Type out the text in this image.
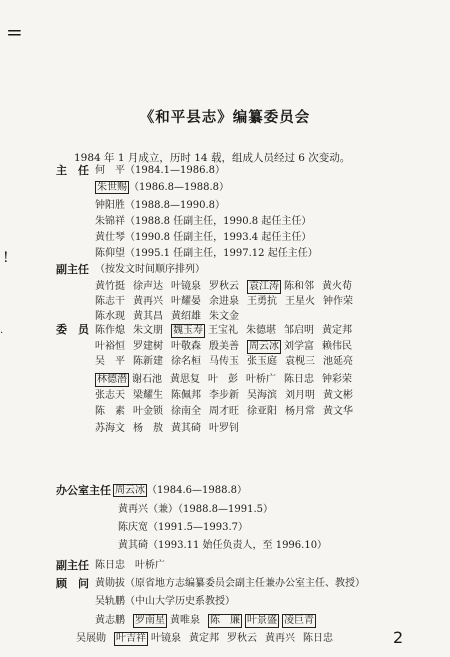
=
!
.
《和平县志》编纂委员会
1984 年 1 月成立，历时 14 载，组成人员经过 6 次变动。
主　任 何　平（1984.1—1986.8）
朱世赐 （1986.8—1988.8）
钟阳胜（1988.8—1990.8）
朱锦祥（1988.8 任副主任，1990.8 起任主任）
黄仕琴（1990.8 任副主任，1993.4 起任主任）
陈仰望（1995.1 任副主任，1997.12 起任主任）
副主任 （按发文时间顺序排列）
黄竹挺 徐声达 叶镜泉 罗秋云 袁江涛 陈和邻 黄火荀
陈志干 黄再兴 叶耀晏 余进泉 王勇抗 王星火 钟作荣
陈水现 黄其昌 黄绍雄 朱文金
委　员 陈作熄 朱文朋 魏玉寿 王宝礼 朱德堪 邹启明 黄定邦
叶裕恒 罗建树 叶敬森 殷美善 周云冰 刘学富 赖伟民
吴　平 陈新建 徐名桓 马传玉 张玉庭 袁枧三 池延亮
林德潜 谢石池 黄思复 叶　彭 叶桥广 陈日忠 钟彩荣
张志天 梁耀生 陈佩邦 李步新 吴海滨 刘月明 黄文彬
陈　素 叶金锁 徐南全 周才旺 徐亚阳 杨月常 黄文华
苏海文 杨　敖 黄其碕 叶罗钊
办公室主任 周云冰 （1984.6—1988.8）
黄再兴（兼）（1988.8—1991.5）
陈庆宽（1991.5—1993.7）
黄其碕（1993.11 始任负责人，至 1996.10）
副主任 陈日忠　叶桥广
顾　问 黄勋拔（原省地方志编纂委员会副主任兼办公室主任、教授）
吴轨鹏（中山大学历史系教授）
黄志鹏 罗南星 黄唯泉 陈　廉 叶景盛 凌巨青
吴展勋 叶吉祥 叶镜泉 黄定邦 罗秋云 黄再兴 陈日忠	2
